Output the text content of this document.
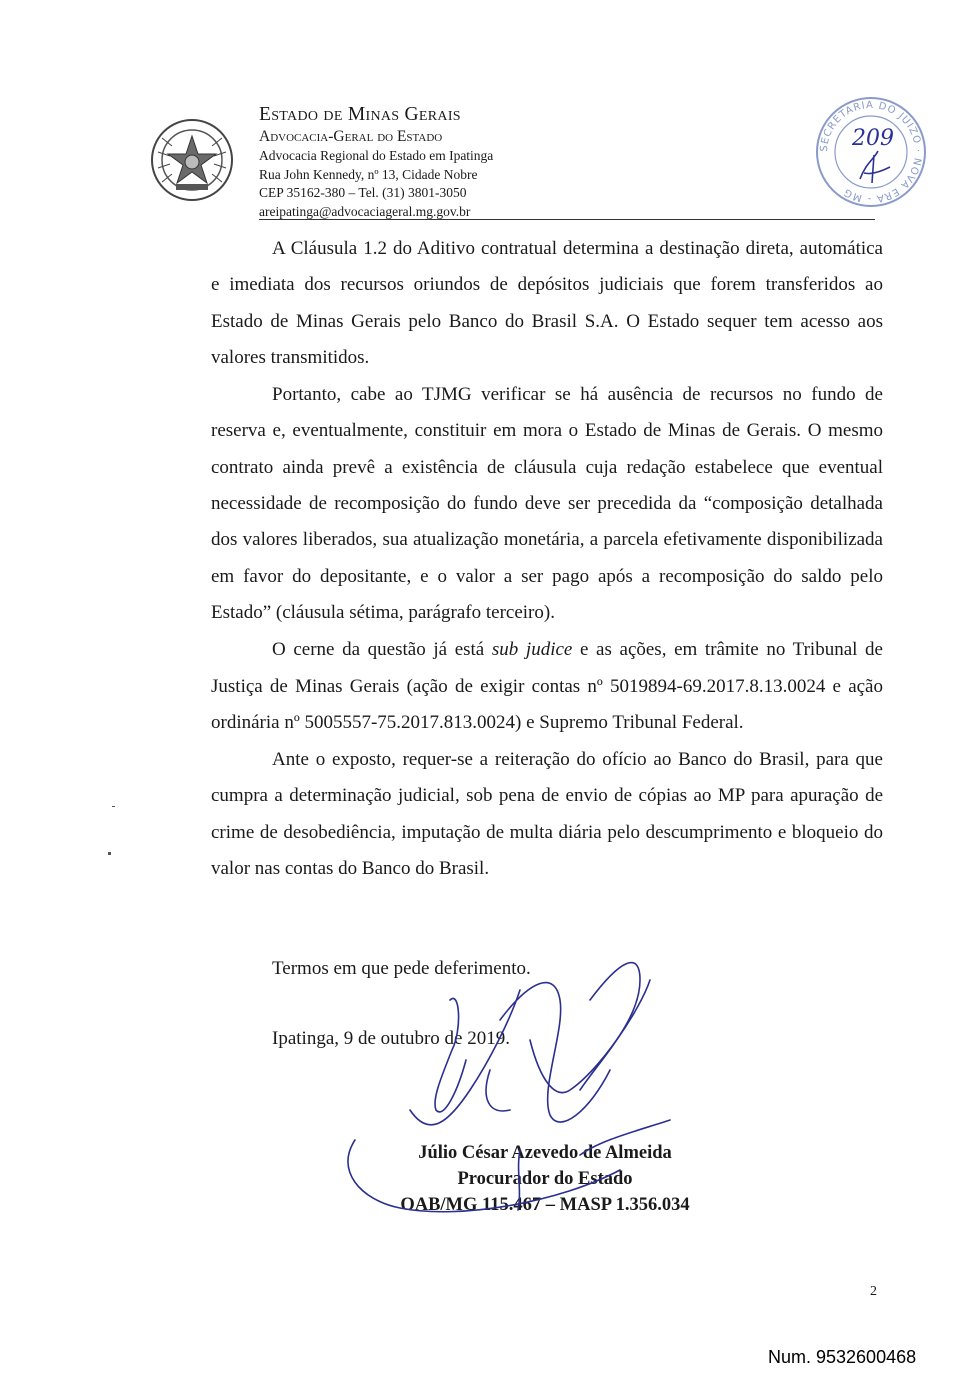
Estado de Minas Gerais
Advocacia-Geral do Estado
Advocacia Regional do Estado em Ipatinga
Rua John Kennedy, nº 13, Cidade Nobre
CEP 35162-380 – Tel. (31) 3801-3050
areipatinga@advocaciageral.mg.gov.br
SECRETARIA DO JUIZO · NOVA ERA - MG
209

A Cláusula 1.2 do Aditivo contratual determina a destinação direta, automática e imediata dos recursos oriundos de depósitos judiciais que forem transferidos ao Estado de Minas Gerais pelo Banco do Brasil S.A. O Estado sequer tem acesso aos valores transmitidos.

Portanto, cabe ao TJMG verificar se há ausência de recursos no fundo de reserva e, eventualmente, constituir em mora o Estado de Minas de Gerais. O mesmo contrato ainda prevê a existência de cláusula cuja redação estabelece que eventual necessidade de recomposição do fundo deve ser precedida da “composição detalhada dos valores liberados, sua atualização monetária, a parcela efetivamente disponibilizada em favor do depositante, e o valor a ser pago após a recomposição do saldo pelo Estado” (cláusula sétima, parágrafo terceiro).

O cerne da questão já está sub judice e as ações, em trâmite no Tribunal de Justiça de Minas Gerais (ação de exigir contas nº 5019894-69.2017.8.13.0024 e ação ordinária nº 5005557-75.2017.813.0024) e Supremo Tribunal Federal.

Ante o exposto, requer-se a reiteração do ofício ao Banco do Brasil, para que cumpra a determinação judicial, sob pena de envio de cópias ao MP para apuração de crime de desobediência, imputação de multa diária pelo descumprimento e bloqueio do valor nas contas do Banco do Brasil.

Termos em que pede deferimento.
Ipatinga, 9 de outubro de 2019.
Júlio César Azevedo de Almeida
Procurador do Estado
OAB/MG 115.467 – MASP 1.356.034
2
Num. 9532600468
